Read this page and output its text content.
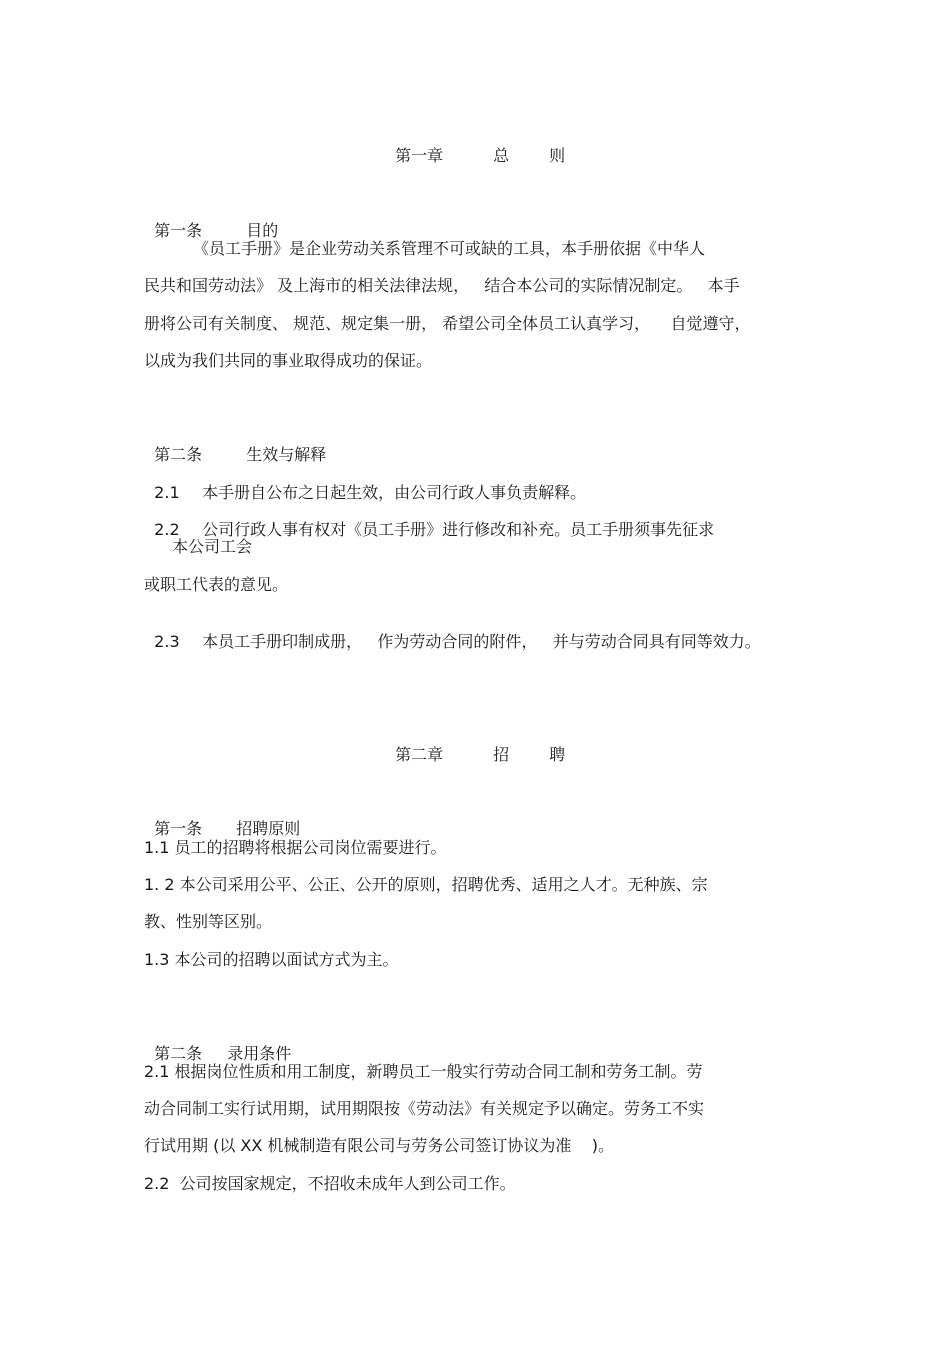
第一章	总	则

第一条	目的

《员工手册》是企业劳动关系管理不可或缺的工具，本手册依据《中华人
民共和国劳动法》 及上海市的相关法律法规，   结合本公司的实际情况制定。   本手
册将公司有关制度、 规范、规定集一册， 希望公司全体员工认真学习，    自觉遵守，
以成为我们共同的事业取得成功的保证。

第二条	生效与解释

2.1 本手册自公布之日起生效，由公司行政人事负责解释。

2.2 公司行政人事有权对《员工手册》进行修改和补充。员工手册须事先征求

本公司工会
或职工代表的意见。

2.3 本员工手册印制成册，   作为劳动合同的附件，   并与劳动合同具有同等效力。

第二章	招	聘

第一条 招聘原则

1.1 员工的招聘将根据公司岗位需要进行。
1. 2 本公司采用公平、公正、公开的原则，招聘优秀、适用之人才。无种族、宗
教、性别等区别。
1.3 本公司的招聘以面试方式为主。

第二条 录用条件

2.1 根据岗位性质和用工制度，新聘员工一般实行劳动合同工制和劳务工制。劳
动合同制工实行试用期，试用期限按《劳动法》有关规定予以确定。劳务工不实
行试用期 (以 XX 机械制造有限公司与劳务公司签订协议为准    )。
2.2  公司按国家规定，不招收未成年人到公司工作。
